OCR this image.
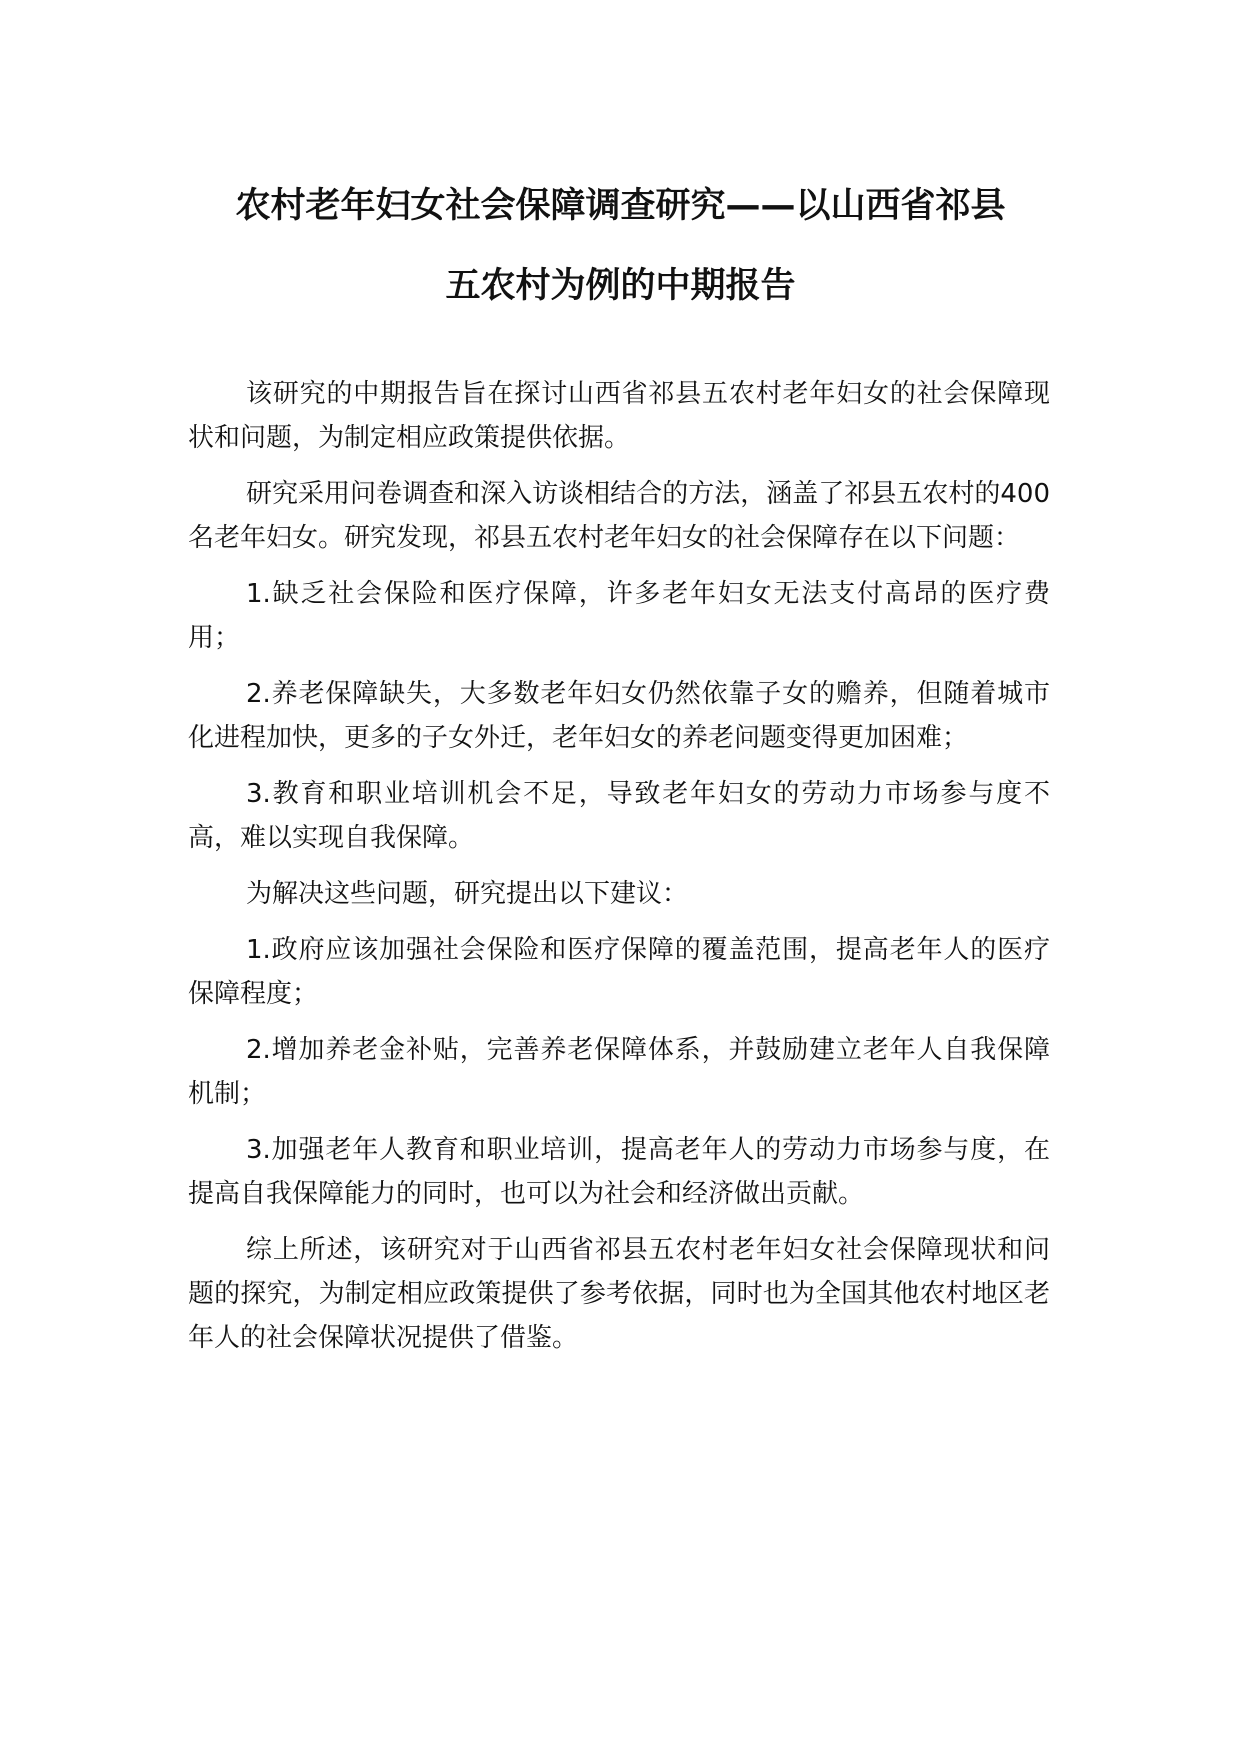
农村老年妇女社会保障调查研究——以山西省祁县
五农村为例的中期报告

该研究的中期报告旨在探讨山西省祁县五农村老年妇女的社会保障现状和问题，为制定相应政策提供依据。

研究采用问卷调查和深入访谈相结合的方法，涵盖了祁县五农村的400名老年妇女。研究发现，祁县五农村老年妇女的社会保障存在以下问题：

1.缺乏社会保险和医疗保障，许多老年妇女无法支付高昂的医疗费用；

2.养老保障缺失，大多数老年妇女仍然依靠子女的赡养，但随着城市化进程加快，更多的子女外迁，老年妇女的养老问题变得更加困难；

3.教育和职业培训机会不足，导致老年妇女的劳动力市场参与度不高，难以实现自我保障。

为解决这些问题，研究提出以下建议：

1.政府应该加强社会保险和医疗保障的覆盖范围，提高老年人的医疗保障程度；

2.增加养老金补贴，完善养老保障体系，并鼓励建立老年人自我保障机制；

3.加强老年人教育和职业培训，提高老年人的劳动力市场参与度，在提高自我保障能力的同时，也可以为社会和经济做出贡献。

综上所述，该研究对于山西省祁县五农村老年妇女社会保障现状和问题的探究，为制定相应政策提供了参考依据，同时也为全国其他农村地区老年人的社会保障状况提供了借鉴。
